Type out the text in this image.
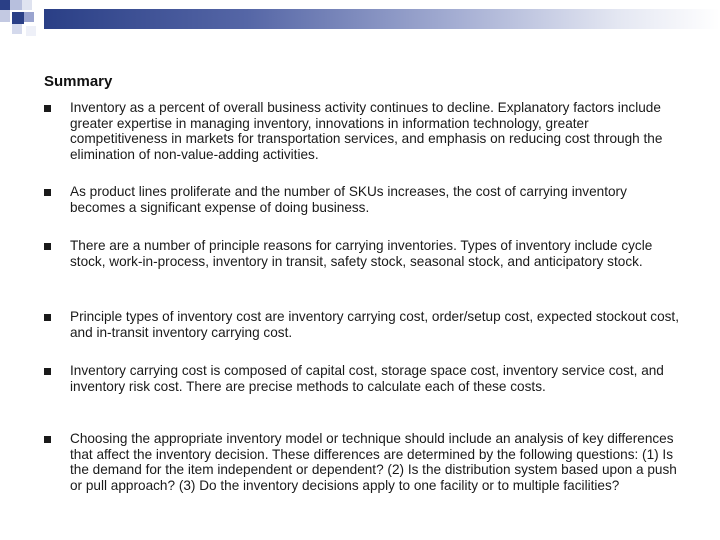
Summary
Inventory as a percent of overall business activity continues to decline. Explanatory factors include greater expertise in managing inventory, innovations in information technology, greater competitiveness in markets for transportation services, and emphasis on reducing cost through the elimination of non-value-adding activities.
As product lines proliferate and the number of SKUs increases, the cost of carrying inventory becomes a significant expense of doing business.
There are a number of principle reasons for carrying inventories. Types of inventory include cycle stock, work-in-process, inventory in transit, safety stock, seasonal stock, and anticipatory stock.
Principle types of inventory cost are inventory carrying cost, order/setup cost, expected stockout cost, and in-transit inventory carrying cost.
Inventory carrying cost is composed of capital cost, storage space cost, inventory service cost, and inventory risk cost. There are precise methods to calculate each of these costs.
Choosing the appropriate inventory model or technique should include an analysis of key differences that affect the inventory decision. These differences are determined by the following questions: (1) Is the demand for the item independent or dependent? (2) Is the distribution system based upon a push or pull approach? (3) Do the inventory decisions apply to one facility or to multiple facilities?
